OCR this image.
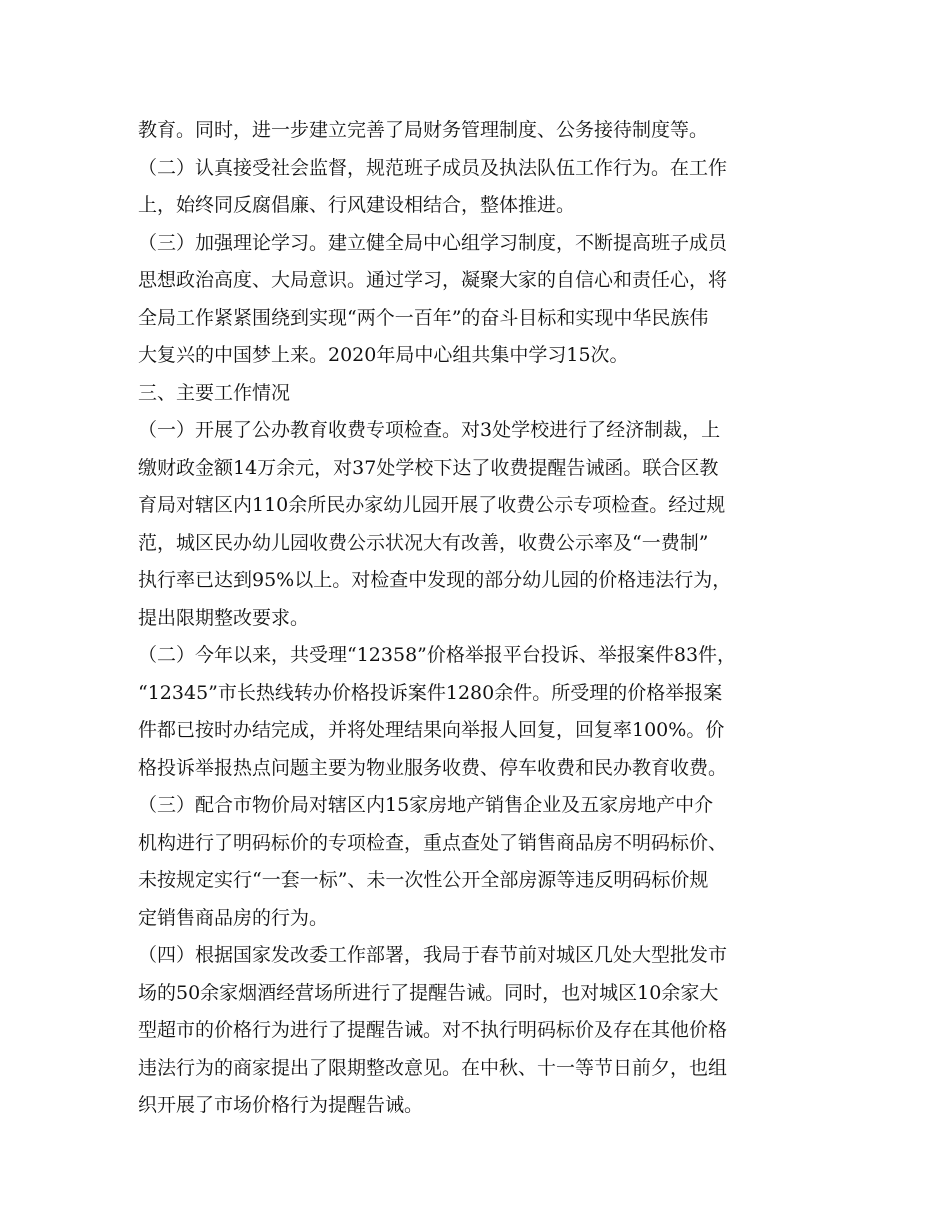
教育。同时，进一步建立完善了局财务管理制度、公务接待制度等。
（二）认真接受社会监督，规范班子成员及执法队伍工作行为。在工作
上，始终同反腐倡廉、行风建设相结合，整体推进。
（三）加强理论学习。建立健全局中心组学习制度，不断提高班子成员
思想政治高度、大局意识。通过学习，凝聚大家的自信心和责任心，将
全局工作紧紧围绕到实现“两个一百年”的奋斗目标和实现中华民族伟
大复兴的中国梦上来。2020年局中心组共集中学习15次。
三、主要工作情况
（一）开展了公办教育收费专项检查。对3处学校进行了经济制裁，上
缴财政金额14万余元，对37处学校下达了收费提醒告诫函。联合区教
育局对辖区内110余所民办家幼儿园开展了收费公示专项检查。经过规
范，城区民办幼儿园收费公示状况大有改善，收费公示率及“一费制”
执行率已达到95%以上。对检查中发现的部分幼儿园的价格违法行为，
提出限期整改要求。
（二）今年以来，共受理“12358”价格举报平台投诉、举报案件83件，
“12345”市长热线转办价格投诉案件1280余件。所受理的价格举报案
件都已按时办结完成，并将处理结果向举报人回复，回复率100%。价
格投诉举报热点问题主要为物业服务收费、停车收费和民办教育收费。
（三）配合市物价局对辖区内15家房地产销售企业及五家房地产中介
机构进行了明码标价的专项检查，重点查处了销售商品房不明码标价、
未按规定实行“一套一标”、未一次性公开全部房源等违反明码标价规
定销售商品房的行为。
（四）根据国家发改委工作部署，我局于春节前对城区几处大型批发市
场的50余家烟酒经营场所进行了提醒告诫。同时，也对城区10余家大
型超市的价格行为进行了提醒告诫。对不执行明码标价及存在其他价格
违法行为的商家提出了限期整改意见。在中秋、十一等节日前夕，也组
织开展了市场价格行为提醒告诫。
